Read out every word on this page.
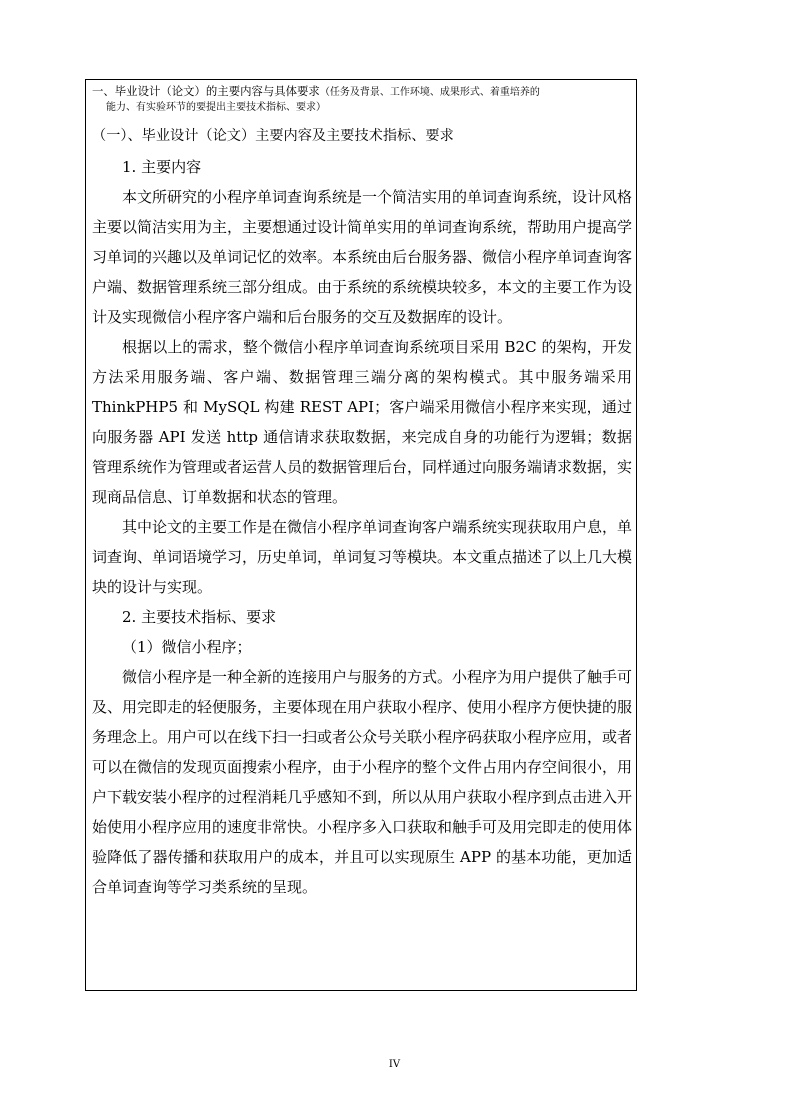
一、毕业设计（论文）的主要内容与具体要求（任务及背景、工作环境、成果形式、着重培养的
能力、有实验环节的要提出主要技术指标、要求）
（一）、毕业设计（论文）主要内容及主要技术指标、要求

1. 主要内容

本文所研究的小程序单词查询系统是一个简洁实用的单词查询系统，设计风格主要以简洁实用为主，主要想通过设计简单实用的单词查询系统，帮助用户提高学习单词的兴趣以及单词记忆的效率。本系统由后台服务器、微信小程序单词查询客户端、数据管理系统三部分组成。由于系统的系统模块较多，本文的主要工作为设计及实现微信小程序客户端和后台服务的交互及数据库的设计。

根据以上的需求，整个微信小程序单词查询系统项目采用 B2C 的架构，开发方法采用服务端、客户端、数据管理三端分离的架构模式。其中服务端采用 ThinkPHP5 和 MySQL 构建 REST API；客户端采用微信小程序来实现，通过向服务器 API 发送 http 通信请求获取数据，来完成自身的功能行为逻辑；数据管理系统作为管理或者运营人员的数据管理后台，同样通过向服务端请求数据，实现商品信息、订单数据和状态的管理。

其中论文的主要工作是在微信小程序单词查询客户端系统实现获取用户息，单词查询、单词语境学习，历史单词，单词复习等模块。本文重点描述了以上几大模块的设计与实现。

2. 主要技术指标、要求

（1）微信小程序；

微信小程序是一种全新的连接用户与服务的方式。小程序为用户提供了触手可及、用完即走的轻便服务，主要体现在用户获取小程序、使用小程序方便快捷的服务理念上。用户可以在线下扫一扫或者公众号关联小程序码获取小程序应用，或者可以在微信的发现页面搜索小程序，由于小程序的整个文件占用内存空间很小，用户下载安装小程序的过程消耗几乎感知不到，所以从用户获取小程序到点击进入开始使用小程序应用的速度非常快。小程序多入口获取和触手可及用完即走的使用体验降低了器传播和获取用户的成本，并且可以实现原生 APP 的基本功能，更加适合单词查询等学习类系统的呈现。

IV
